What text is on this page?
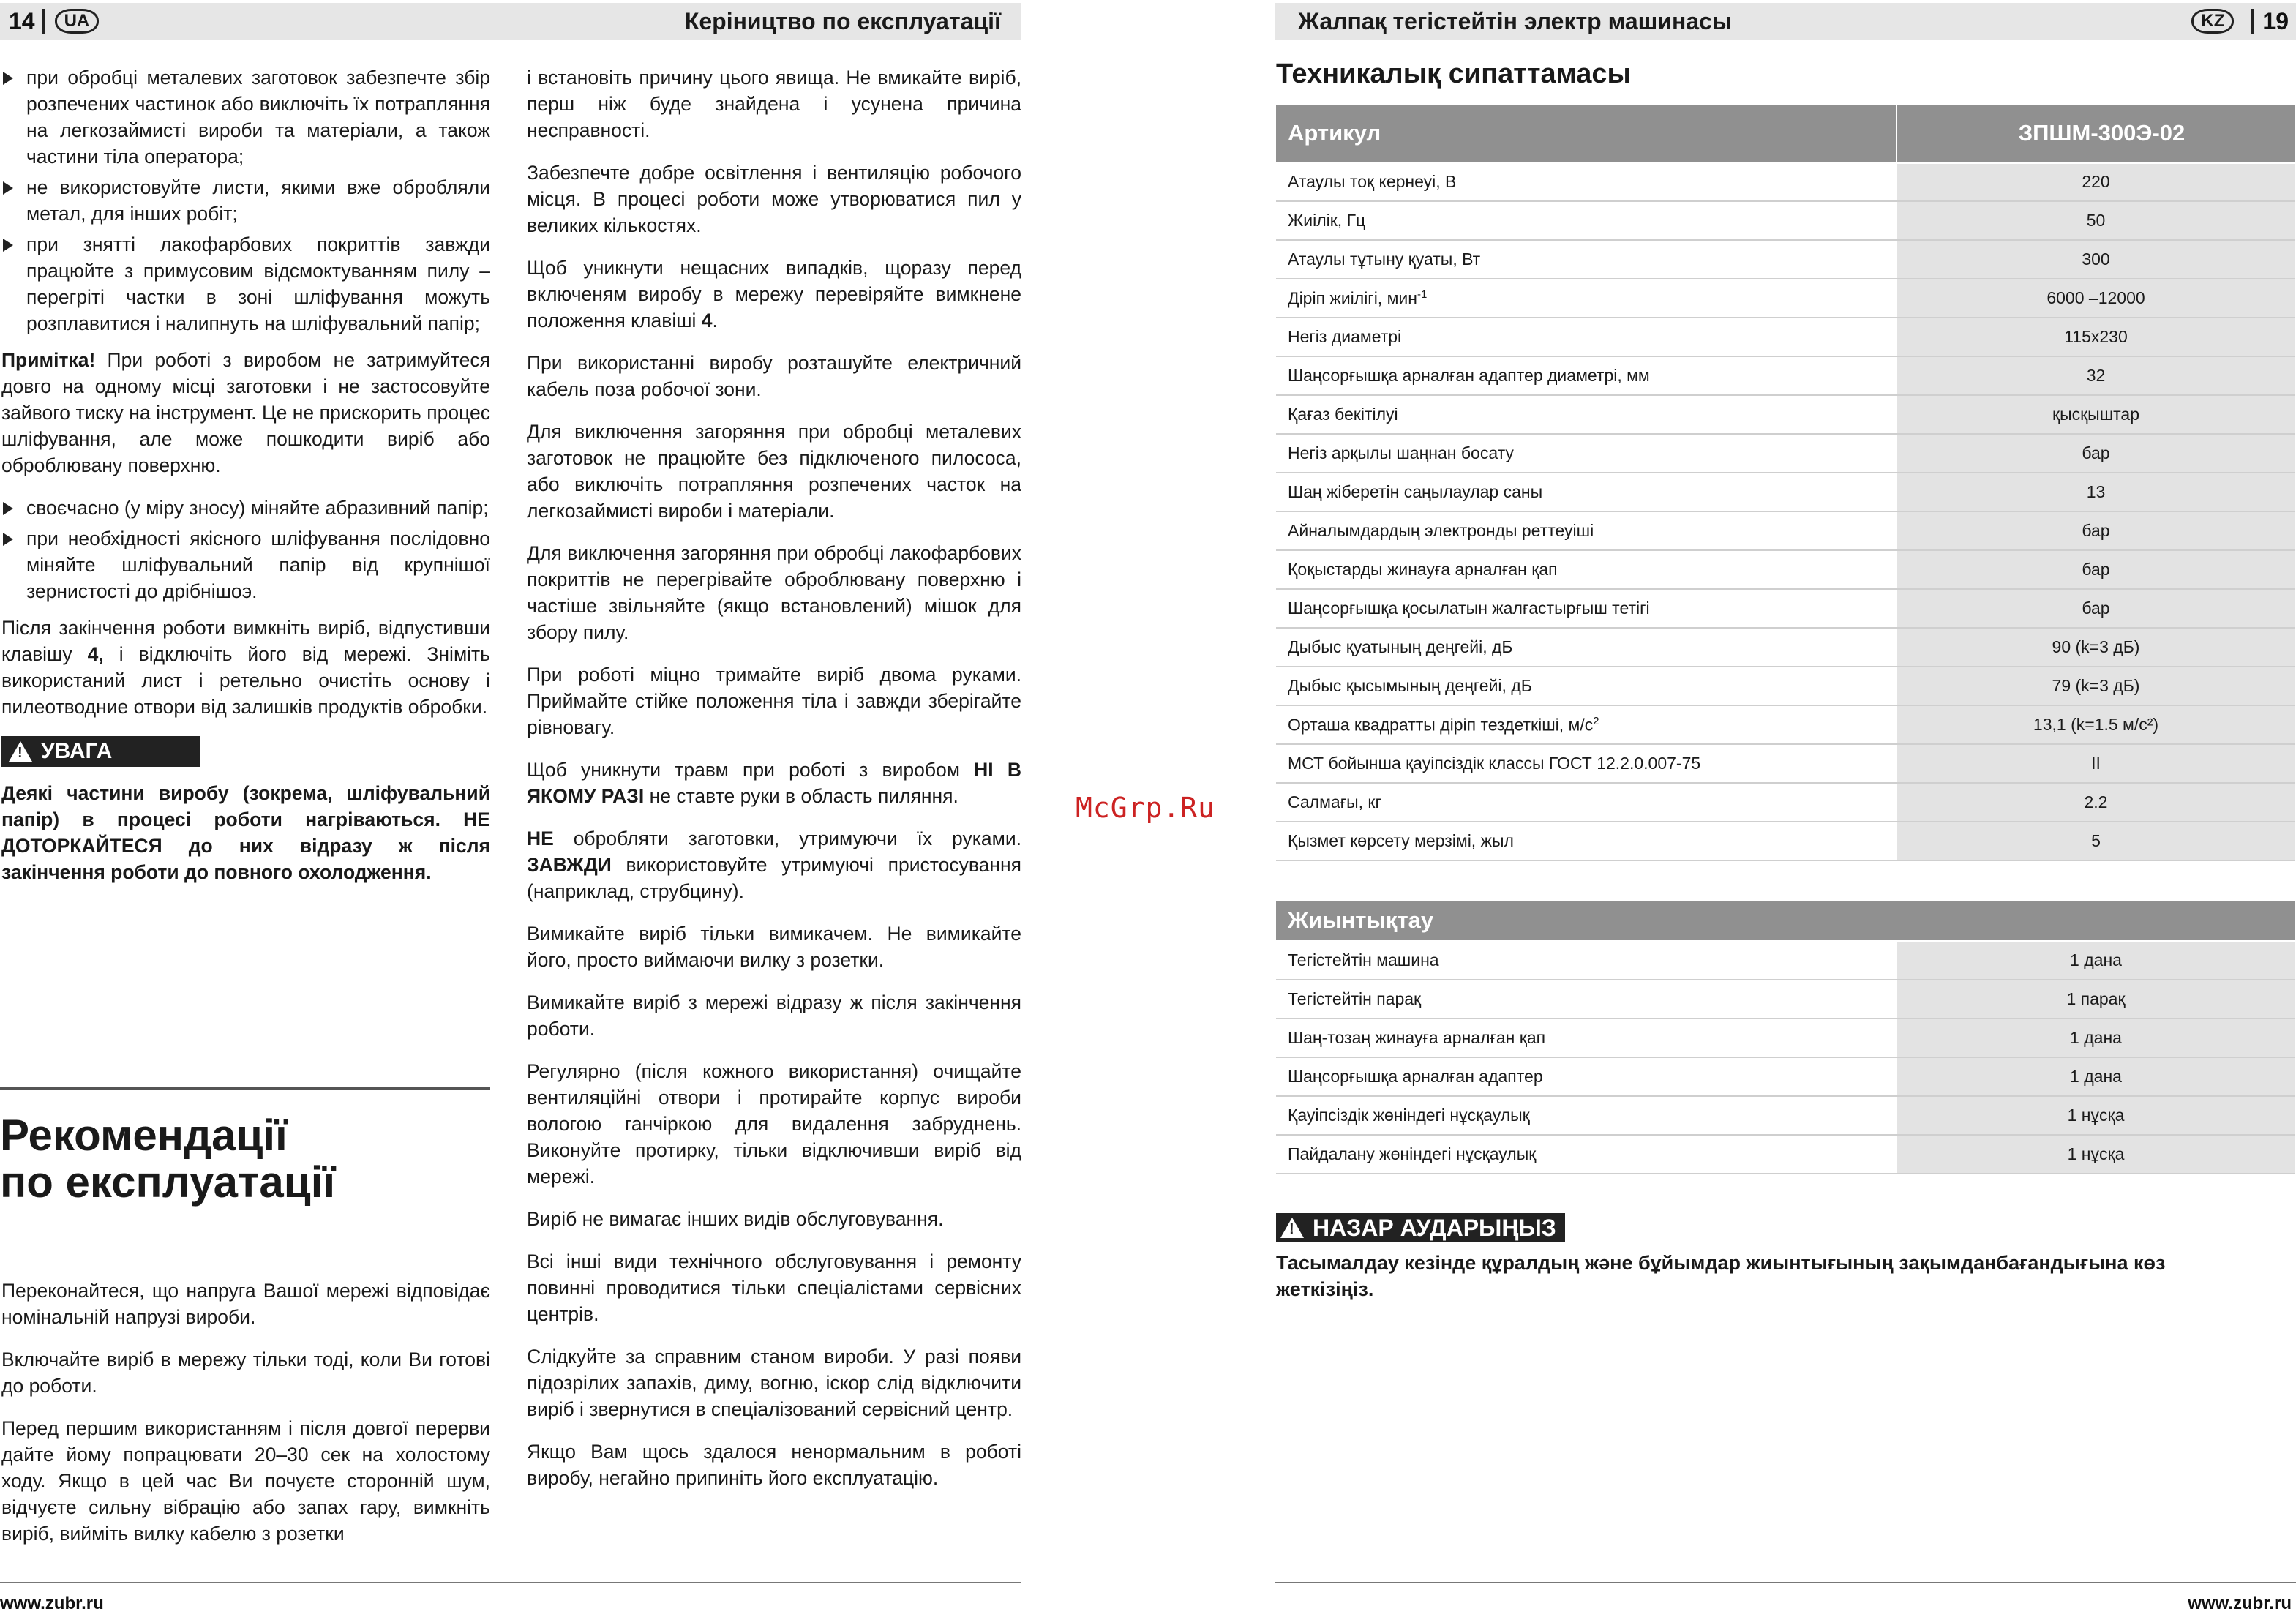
14	UA	Керіництво по експлуатації
при обробці металевих заготовок забезпечте збір розпечених частинок або виключіть їх потрапляння на легкозаймисті вироби та матеріали, а також частини тіла оператора;
не використовуйте листи, якими вже обробляли метал, для інших робіт;
при знятті лакофарбових покриттів завжди працюйте з примусовим відсмоктуванням пилу – перегріті частки в зоні шліфування можуть розплавитися і налипнуть на шліфувальний папір;

Примітка! При роботі з виробом не затримуйтеся довго на одному місці заготовки і не застосовуйте зайвого тиску на інструмент. Це не прискорить процес шліфування, але може пошкодити виріб або оброблювану поверхню.

своєчасно (у міру зносу) міняйте абразивний папір;
при необхідності якісного шліфування послідовно міняйте шліфувальний папір від крупнішої зернистості до дрібнішоэ.

Після закінчення роботи вимкніть виріб, відпустивши клавішу 4, і відключіть його від мережі. Зніміть використаний лист і ретельно очистіть основу і пилеотводние отвори від залишків продуктів обробки.

! УВАГА

Деякі частини виробу (зокрема, шліфувальний папір) в процесі роботи нагріваються. НЕ ДОТОРКАЙТЕСЯ до них відразу ж після закінчення роботи до повного охолодження.

Рекомендації
по експлуатації

Переконайтеся, що напруга Вашої мережі відповідає номінальній напрузі вироби.

Включайте виріб в мережу тільки тоді, коли Ви готові до роботи.

Перед першим використанням і після довгої перерви дайте йому попрацювати 20–30 сек на холостому ходу. Якщо в цей час Ви почуєте сторонній шум, відчуєте сильну вібрацію або запах гару, вимкніть виріб, вийміть вилку кабелю з розетки

і встановіть причину цього явища. Не вмикайте виріб, перш ніж буде знайдена і усунена причина несправності.

Забезпечте добре освітлення і вентиляцію робочого місця. В процесі роботи може утворюватися пил у великих кількостях.

Щоб уникнути нещасних випадків, щоразу перед включеням виробу в мережу перевіряйте вимкнене положення клавіші 4.

При використанні виробу розташуйте електричний кабель поза робочої зони.

Для виключення загоряння при обробці металевих заготовок не працюйте без підключеного пилососа, або виключіть потрапляння розпечених часток на легкозаймисті вироби і матеріали.

Для виключення загоряння при обробці лакофарбових покриттів не перегрівайте оброблювану поверхню і частіше звільняйте (якщо встановлений) мішок для збору пилу.

При роботі міцно тримайте виріб двома руками. Приймайте стійке положення тіла і завжди зберігайте рівновагу.

Щоб уникнути травм при роботі з виробом НІ В ЯКОМУ РАЗІ не ставте руки в область пиляння.

НЕ обробляти заготовки, утримуючи їх руками. ЗАВЖДИ використовуйте утримуючі пристосування (наприклад, струбцину).

Вимикайте виріб тільки вимикачем. Не вимикайте його, просто виймаючи вилку з розетки.

Вимикайте виріб з мережі відразу ж після закінчення роботи.

Регулярно (після кожного використання) очищайте вентиляційні отвори і протирайте корпус вироби вологою ганчіркою для видалення забруднень. Виконуйте протирку, тільки відключивши виріб від мережі.

Виріб не вимагає інших видів обслуговування.

Всі інші види технічного обслуговування і ремонту повинні проводитися тільки спеціалістами сервісних центрів.

Слідкуйте за справним станом вироби. У разі появи підозрілих запахів, диму, вогню, іскор слід відключити виріб і звернутися в спеціалізований сервісний центр.

Якщо Вам щось здалося ненормальним в роботі виробу, негайно припиніть його експлуатацію.

www.zubr.ru
McGrp.Ru
Жалпақ тегістейтін электр машинасы	KZ	19
Техникалық сипаттамасы
Артикул	ЗПШМ-300Э-02
Атаулы тоқ кернеуі, В	220
Жиілік, Гц	50
Атаулы тұтыну қуаты, Вт	300
Діріп жиілігі, мин$^{-1}$	6000 –12000
Негіз диаметрі	115х230
Шаңсорғышқа арналған адаптер диаметрі, мм	32
Қағаз бекітілуі	қысқыштар
Негіз арқылы шаңнан босату	бар
Шаң жіберетін саңылаулар саны	13
Айналымдардың электронды реттеуіші	бар
Қоқыстарды жинауға арналған қап	бар
Шаңсорғышқа қосылатын жалғастырғыш тетігі	бар
Дыбыс қуатының деңгейі, дБ	90 (k=3 дБ)
Дыбыс қысымының деңгейі, дБ	79 (k=3 дБ)
Орташа квадратты діріп тездеткіші, $м/с^2$	13,1 (k=1.5 м/с²)
МСТ бойынша қауіпсіздік классы ГОСТ 12.2.0.007-75	II
Салмағы, кг	2.2
Қызмет көрсету мерзімі, жыл	5
Жиынтықтау	
Тегістейтін машина	1 дана
Тегістейтін парақ	1 парақ
Шаң-тозаң жинауға арналған қап	1 дана
Шаңсорғышқа арналған адаптер	1 дана
Қауіпсіздік жөніндегі нұсқаулық	1 нұсқа
Пайдалану жөніндегі нұсқаулық	1 нұсқа
! НАЗАР АУДАРЫҢЫЗ
Тасымалдау кезінде құралдың және бұйымдар жиынтығының зақымданбағандығына көз жеткізіңіз.
www.zubr.ru
